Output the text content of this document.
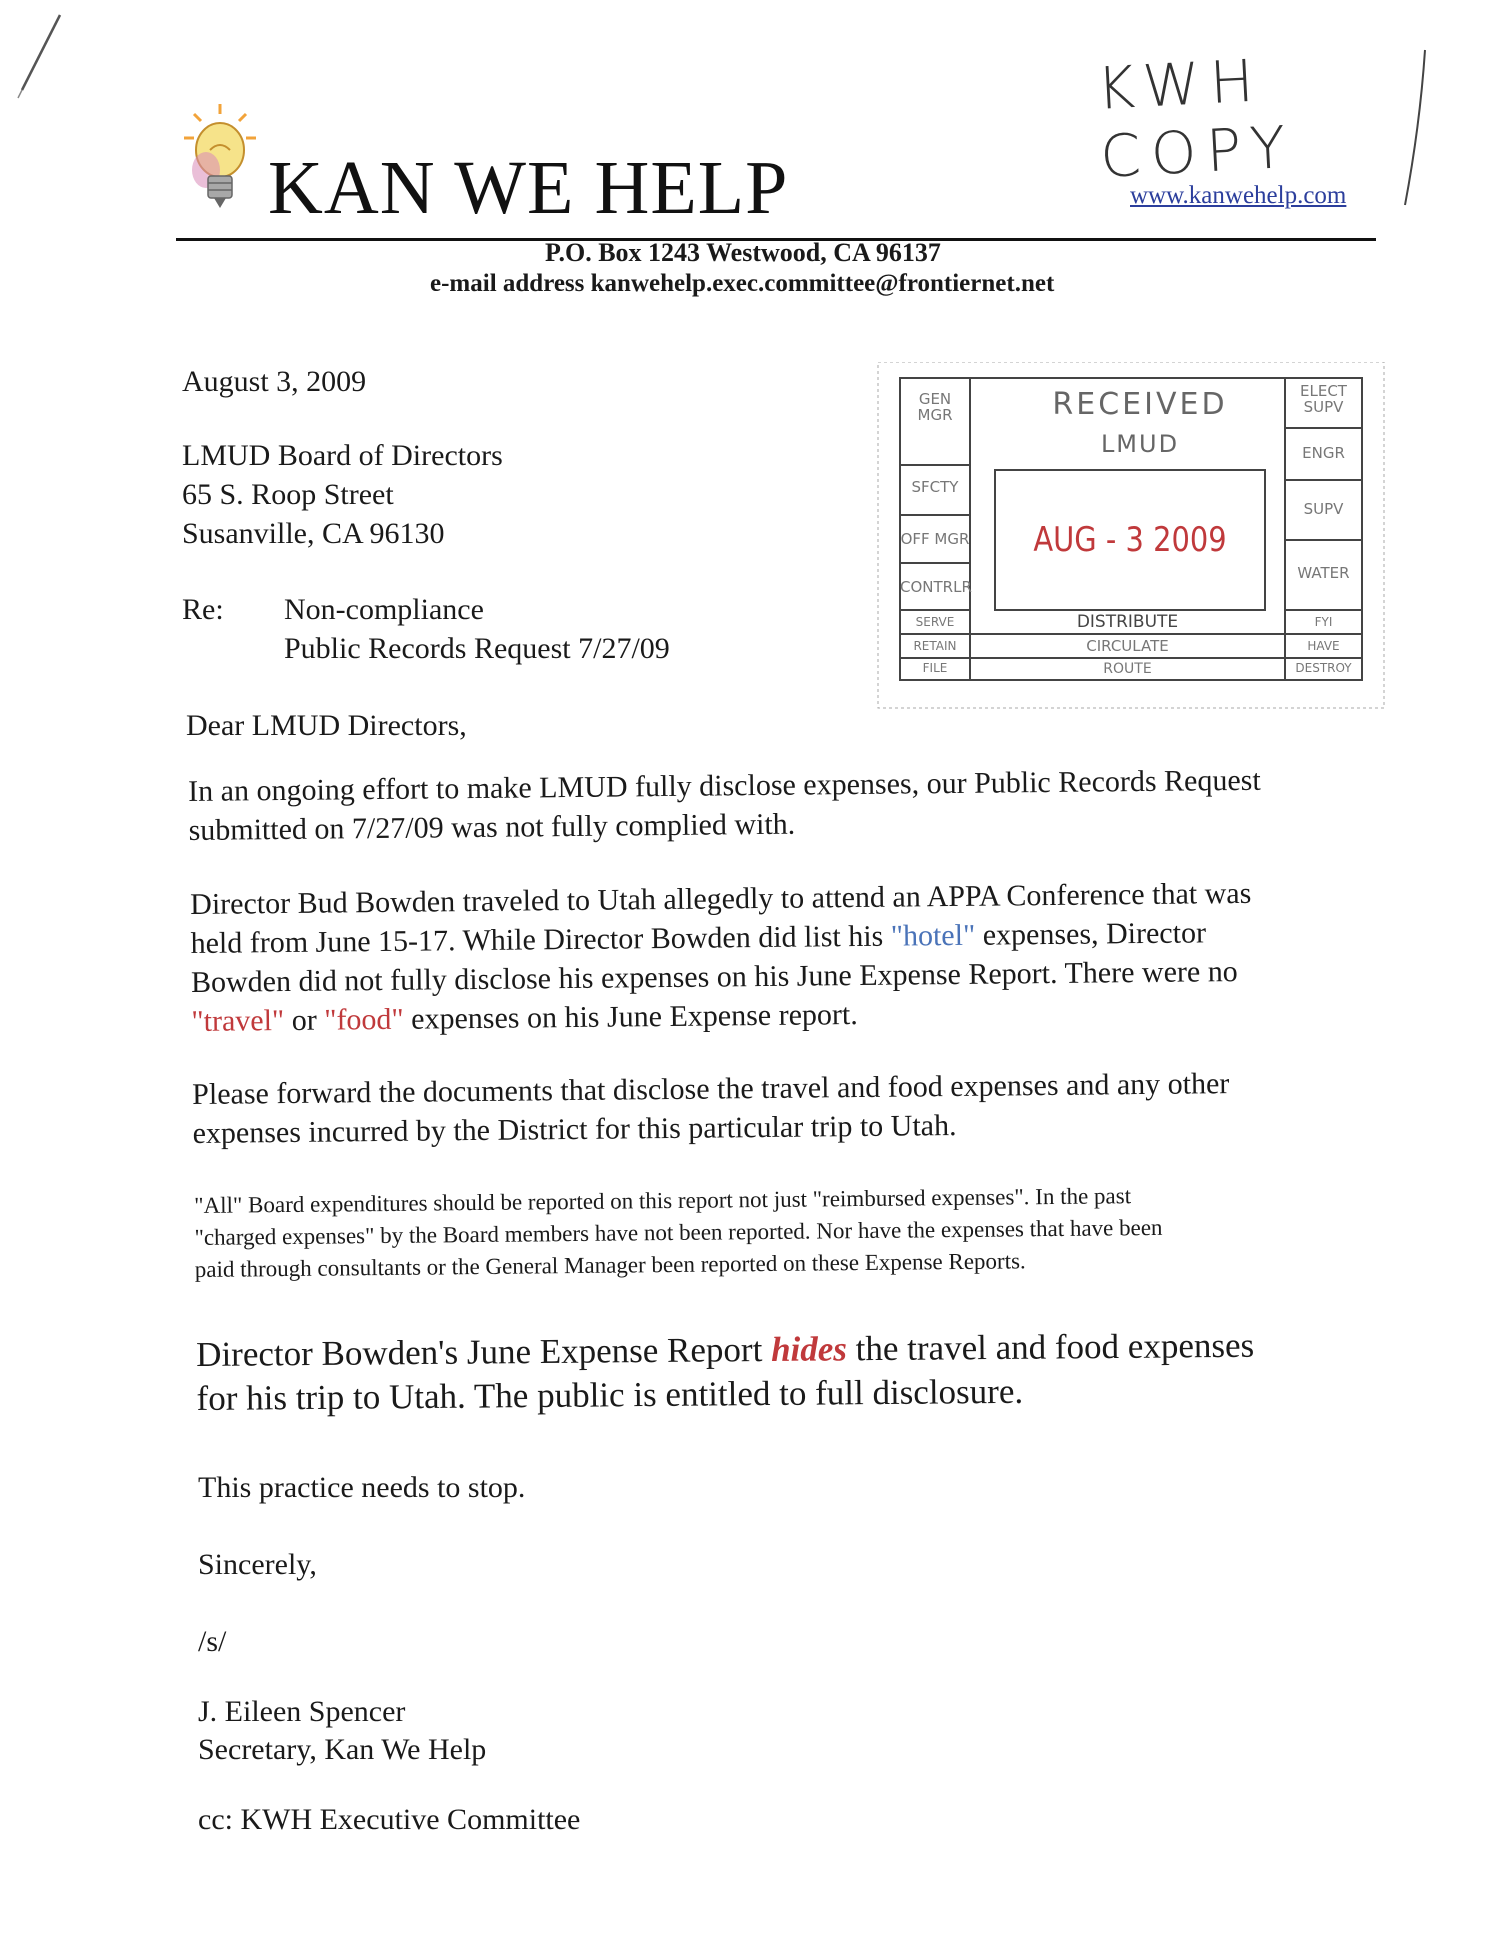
KWH COPY
KAN WE HELP	www.kanwehelp.com
P.O. Box 1243 Westwood, CA 96137
e-mail address kanwehelp.exec.committee@frontiernet.net
RECEIVED
LMUD
AUG - 3 2009
GEN MGR
SFCTY
OFF MGR
CONTRLR
SERVE
RETAIN
FILE
ELECT SUPV
ENGR
SUPV
WATER
FYI
HAVE
DESTROY
DISTRIBUTE
CIRCULATE
ROUTE
August 3, 2009
LMUD Board of Directors
65 S. Roop Street
Susanville, CA 96130
Re: Non-compliance
Public Records Request 7/27/09
Dear LMUD Directors,
In an ongoing effort to make LMUD fully disclose expenses, our Public Records Request
submitted on 7/27/09 was not fully complied with.
Director Bud Bowden traveled to Utah allegedly to attend an APPA Conference that was
held from June 15-17. While Director Bowden did list his "hotel" expenses, Director
Bowden did not fully disclose his expenses on his June Expense Report. There were no
"travel" or "food" expenses on his June Expense report.
Please forward the documents that disclose the travel and food expenses and any other
expenses incurred by the District for this particular trip to Utah.
"All" Board expenditures should be reported on this report not just "reimbursed expenses". In the past
"charged expenses" by the Board members have not been reported. Nor have the expenses that have been
paid through consultants or the General Manager been reported on these Expense Reports.
Director Bowden's June Expense Report hides the travel and food expenses
for his trip to Utah. The public is entitled to full disclosure.
This practice needs to stop.
Sincerely,
/s/
J. Eileen Spencer
Secretary, Kan We Help
cc: KWH Executive Committee
